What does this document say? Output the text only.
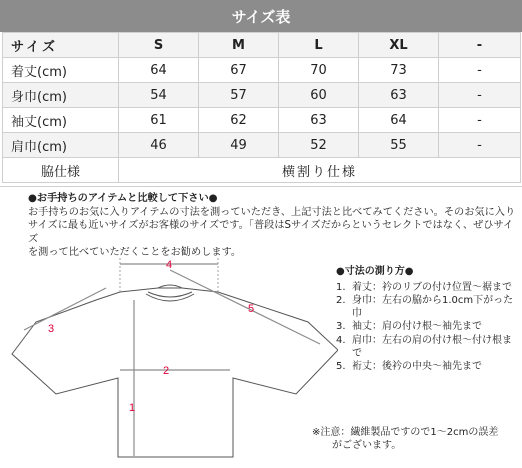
サイズ表
サイズ	S	M	L	XL	-
着丈(cm)	64	67	70	73	-
身巾(cm)	54	57	60	63	-
袖丈(cm)	61	62	63	64	-
肩巾(cm)	46	49	52	55	-
脇仕様	横割り仕様				
●お手持ちのアイテムと比較して下さい●
お手持ちのお気に入りアイテムの寸法を測っていただき、上記寸法と比べてみてください。そのお気に入り
サイズに最も近いサイズがお客様のサイズです。「普段はSサイズだからというセレクトではなく、ぜひサイズ
を測って比べていただくことをお勧めします。
4
5
3
2
1
●寸法の測り方●
1. 着丈：衿のリブの付け位置～裾まで
2. 身巾：左右の脇から1.0cm下がった巾
3. 袖丈：肩の付け根～袖先まで
4. 肩巾：左右の肩の付け根～付け根まで
5. 裄丈：後衿の中央～袖先まで
※注意：繊維製品ですので1～2cmの誤差
　　がございます。
